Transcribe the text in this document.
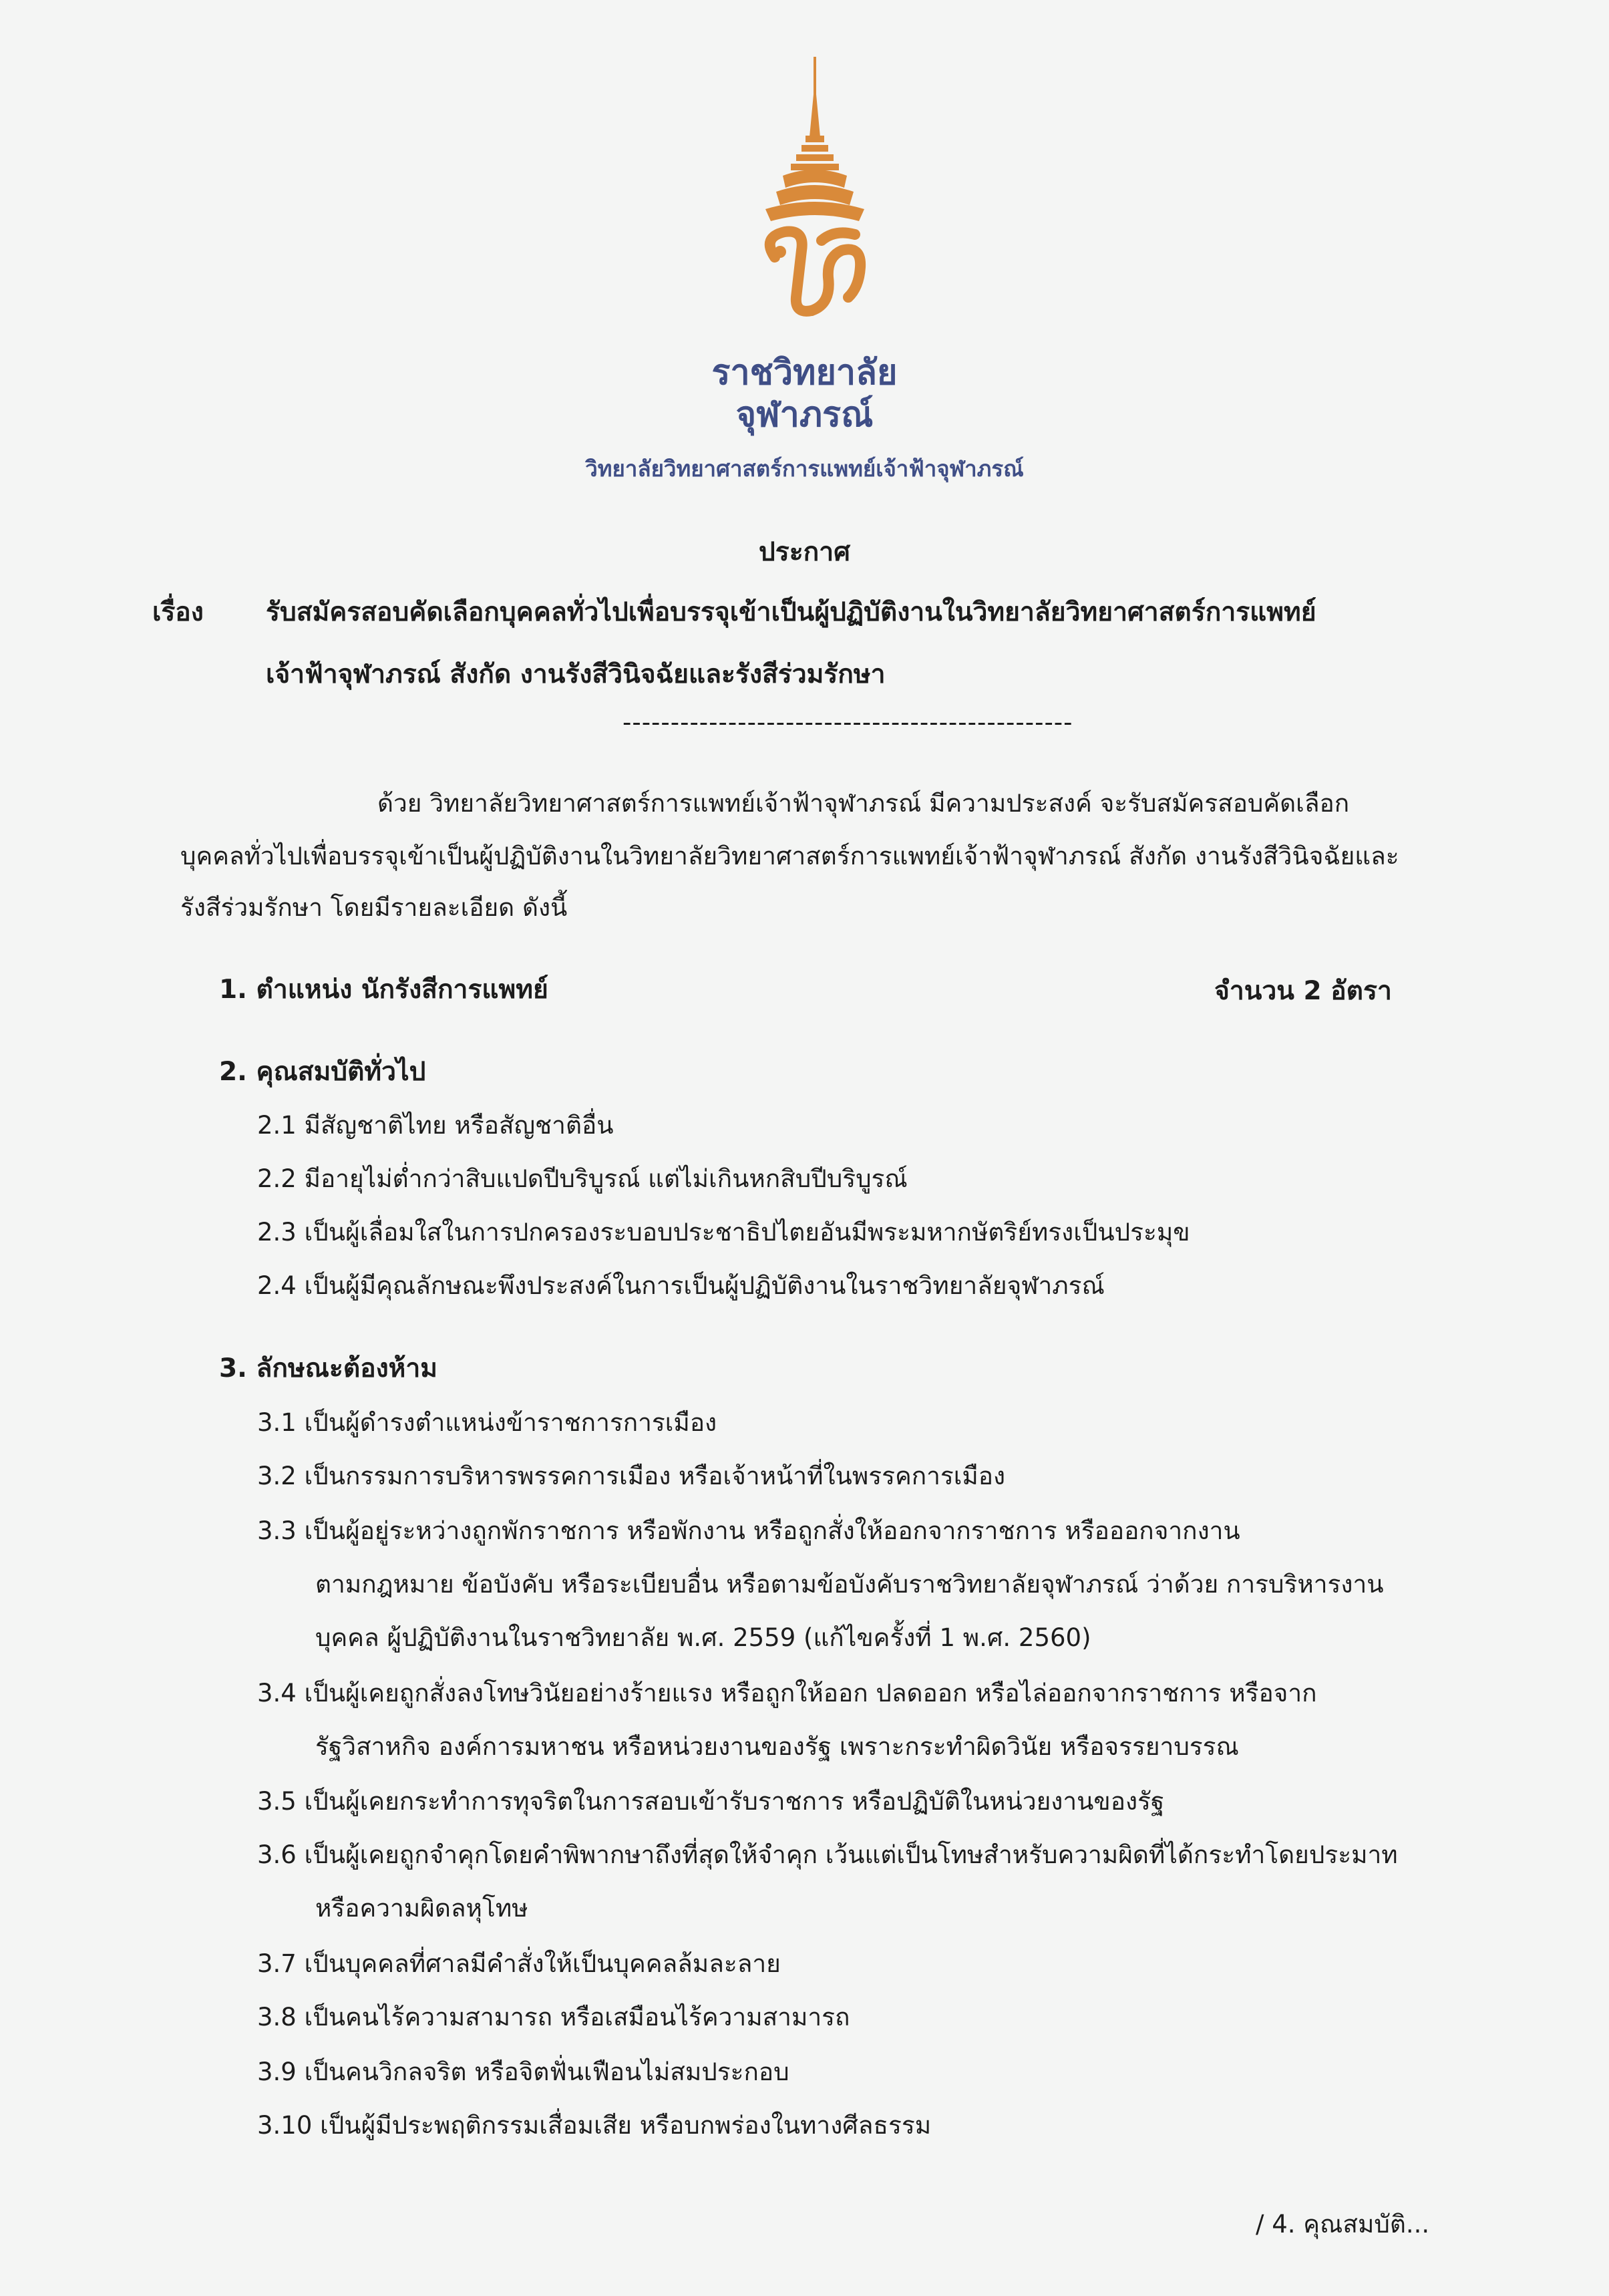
ราชวิทยาลัย
จุฬาภรณ์
วิทยาลัยวิทยาศาสตร์การแพทย์เจ้าฟ้าจุฬาภรณ์
ประกาศ
เรื่อง รับสมัครสอบคัดเลือกบุคคลทั่วไปเพื่อบรรจุเข้าเป็นผู้ปฏิบัติงานในวิทยาลัยวิทยาศาสตร์การแพทย์
เจ้าฟ้าจุฬาภรณ์ สังกัด งานรังสีวินิจฉัยและรังสีร่วมรักษา
-----------------------------------------------
ด้วย วิทยาลัยวิทยาศาสตร์การแพทย์เจ้าฟ้าจุฬาภรณ์ มีความประสงค์ จะรับสมัครสอบคัดเลือก
บุคคลทั่วไปเพื่อบรรจุเข้าเป็นผู้ปฏิบัติงานในวิทยาลัยวิทยาศาสตร์การแพทย์เจ้าฟ้าจุฬาภรณ์ สังกัด งานรังสีวินิจฉัยและ
รังสีร่วมรักษา โดยมีรายละเอียด ดังนี้
1. ตำแหน่ง นักรังสีการแพทย์	จำนวน 2 อัตรา
2. คุณสมบัติทั่วไป
2.1 มีสัญชาติไทย หรือสัญชาติอื่น
2.2 มีอายุไม่ต่ำกว่าสิบแปดปีบริบูรณ์ แต่ไม่เกินหกสิบปีบริบูรณ์
2.3 เป็นผู้เลื่อมใสในการปกครองระบอบประชาธิปไตยอันมีพระมหากษัตริย์ทรงเป็นประมุข
2.4 เป็นผู้มีคุณลักษณะพึงประสงค์ในการเป็นผู้ปฏิบัติงานในราชวิทยาลัยจุฬาภรณ์
3. ลักษณะต้องห้าม
3.1 เป็นผู้ดำรงตำแหน่งข้าราชการการเมือง
3.2 เป็นกรรมการบริหารพรรคการเมือง หรือเจ้าหน้าที่ในพรรคการเมือง
3.3 เป็นผู้อยู่ระหว่างถูกพักราชการ หรือพักงาน หรือถูกสั่งให้ออกจากราชการ หรือออกจากงาน
ตามกฎหมาย ข้อบังคับ หรือระเบียบอื่น หรือตามข้อบังคับราชวิทยาลัยจุฬาภรณ์ ว่าด้วย การบริหารงาน
บุคคล ผู้ปฏิบัติงานในราชวิทยาลัย พ.ศ. 2559 (แก้ไขครั้งที่ 1 พ.ศ. 2560)
3.4 เป็นผู้เคยถูกสั่งลงโทษวินัยอย่างร้ายแรง หรือถูกให้ออก ปลดออก หรือไล่ออกจากราชการ หรือจาก
รัฐวิสาหกิจ องค์การมหาชน หรือหน่วยงานของรัฐ เพราะกระทำผิดวินัย หรือจรรยาบรรณ
3.5 เป็นผู้เคยกระทำการทุจริตในการสอบเข้ารับราชการ หรือปฏิบัติในหน่วยงานของรัฐ
3.6 เป็นผู้เคยถูกจำคุกโดยคำพิพากษาถึงที่สุดให้จำคุก เว้นแต่เป็นโทษสำหรับความผิดที่ได้กระทำโดยประมาท
หรือความผิดลหุโทษ
3.7 เป็นบุคคลที่ศาลมีคำสั่งให้เป็นบุคคลล้มละลาย
3.8 เป็นคนไร้ความสามารถ หรือเสมือนไร้ความสามารถ
3.9 เป็นคนวิกลจริต หรือจิตฟั่นเฟือนไม่สมประกอบ
3.10 เป็นผู้มีประพฤติกรรมเสื่อมเสีย หรือบกพร่องในทางศีลธรรม
/ 4. คุณสมบัติ...
